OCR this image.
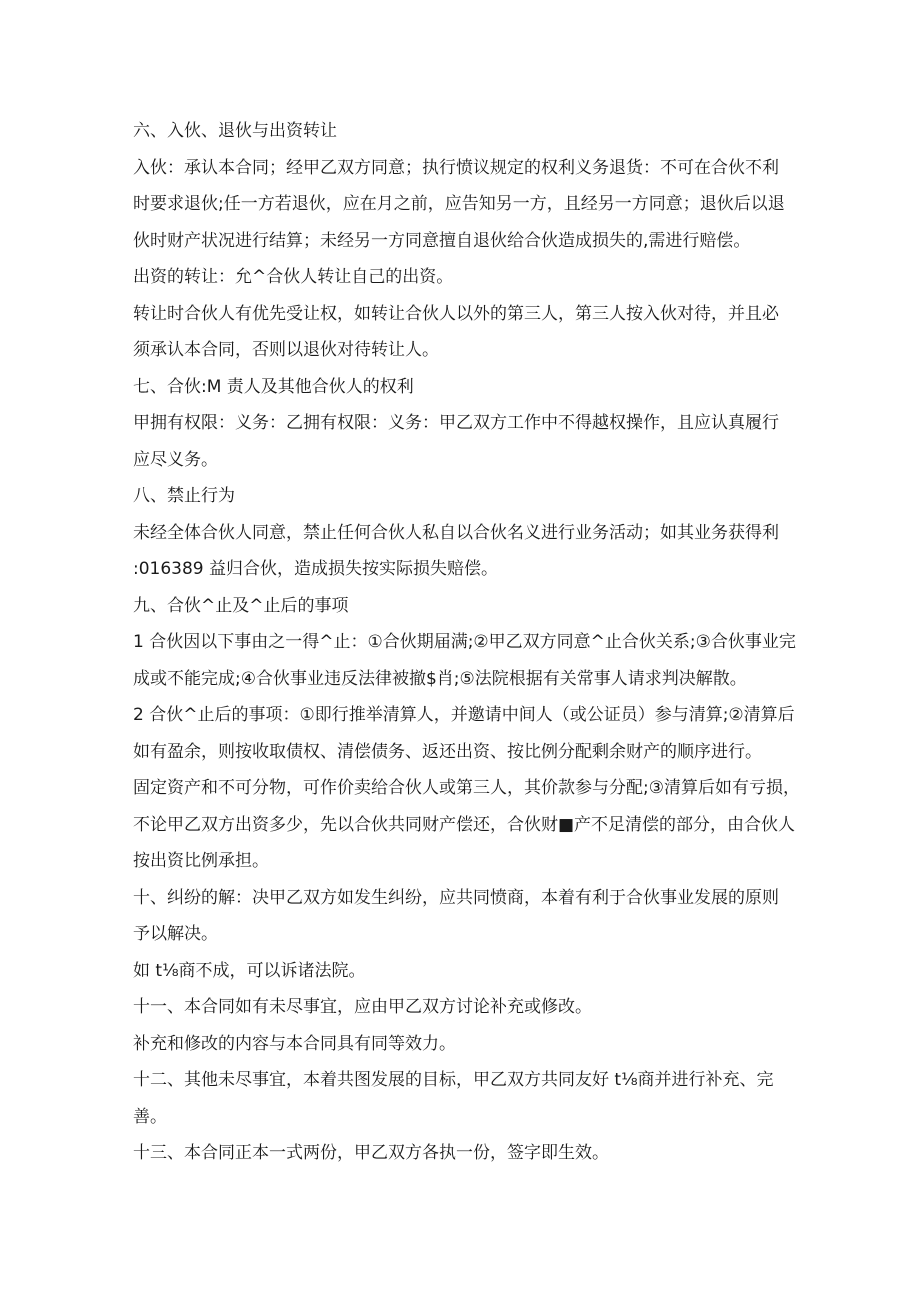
六、入伙、退伙与出资转让

入伙：承认本合同；经甲乙双方同意；执行愤议规定的权利义务退货：不可在合伙不利
时要求退伙;任一方若退伙，应在月之前，应告知另一方，且经另一方同意；退伙后以退
伙时财产状况进行结算；未经另一方同意擅自退伙给合伙造成损失的,需进行赔偿。

出资的转让：允^合伙人转让自己的出资。

转让时合伙人有优先受让权，如转让合伙人以外的第三人，第三人按入伙对待，并且必
须承认本合同，否则以退伙对待转让人。

七、合伙:M 责人及其他合伙人的权利

甲拥有权限：义务：乙拥有权限：义务：甲乙双方工作中不得越权操作，且应认真履行
应尽义务。

八、禁止行为

未经全体合伙人同意，禁止任何合伙人私自以合伙名义进行业务活动；如其业务获得利
:016389 益归合伙，造成损失按实际损失赔偿。

九、合伙^止及^止后的事项

1 合伙因以下事由之一得^止：①合伙期届满;②甲乙双方同意^止合伙关系;③合伙事业完
成或不能完成;④合伙事业违反法律被撤$肖;⑤法院根据有关常事人请求判决解散。

2 合伙^止后的事项：①即行推举清算人，并邀请中间人（或公证员）参与清算;②清算后
如有盈余，则按收取债权、清偿债务、返还出资、按比例分配剩余财产的顺序进行。

固定资产和不可分物，可作价卖给合伙人或第三人，其价款参与分配;③清算后如有亏损，
不论甲乙双方出资多少，先以合伙共同财产偿还，合伙财■产不足清偿的部分，由合伙人
按出资比例承担。

十、纠纷的解：决甲乙双方如发生纠纷，应共同愤商，本着有利于合伙事业发展的原则
予以解决。

如 t⅛商不成，可以诉诸法院。

十一、本合同如有未尽事宜，应由甲乙双方讨论补充或修改。

补充和修改的内容与本合同具有同等效力。

十二、其他未尽事宜，本着共图发展的目标，甲乙双方共同友好 t⅛商并进行补充、完
善。

十三、本合同正本一式两份，甲乙双方各执一份，签字即生效。
